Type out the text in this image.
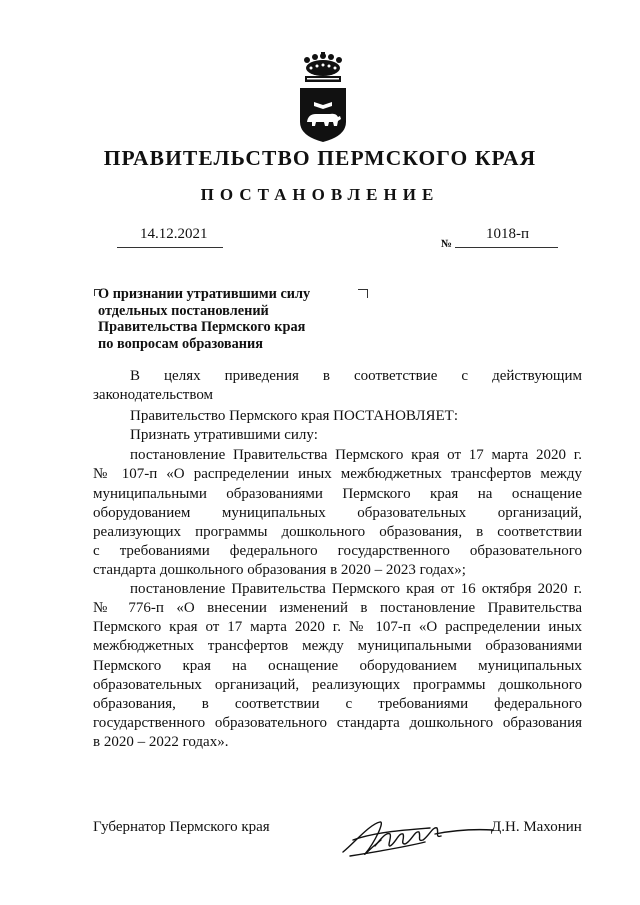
ПРАВИТЕЛЬСТВО ПЕРМСКОГО КРАЯ
ПОСТАНОВЛЕНИЕ
14.12.2021
№
1018-п
О признании утратившими силу
отдельных постановлений
Правительства Пермского края
по вопросам образования
В целях приведения в соответствие с действующим
законодательством
Правительство Пермского края ПОСТАНОВЛЯЕТ:
Признать утратившими силу:
постановление Правительства Пермского края от 17 марта 2020 г.
№ 107-п «О распределении иных межбюджетных трансфертов между
муниципальными образованиями Пермского края на оснащение
оборудованием муниципальных образовательных организаций,
реализующих программы дошкольного образования, в соответствии
с требованиями федерального государственного образовательного
стандарта дошкольного образования в 2020 – 2023 годах»;
постановление Правительства Пермского края от 16 октября 2020 г.
№ 776-п «О внесении изменений в постановление Правительства
Пермского края от 17 марта 2020 г. № 107-п «О распределении иных
межбюджетных трансфертов между муниципальными образованиями
Пермского края на оснащение оборудованием муниципальных
образовательных организаций, реализующих программы дошкольного
образования, в соответствии с требованиями федерального
государственного образовательного стандарта дошкольного образования
в 2020 – 2022 годах».
Губернатор Пермского края	Д.Н. Махонин
